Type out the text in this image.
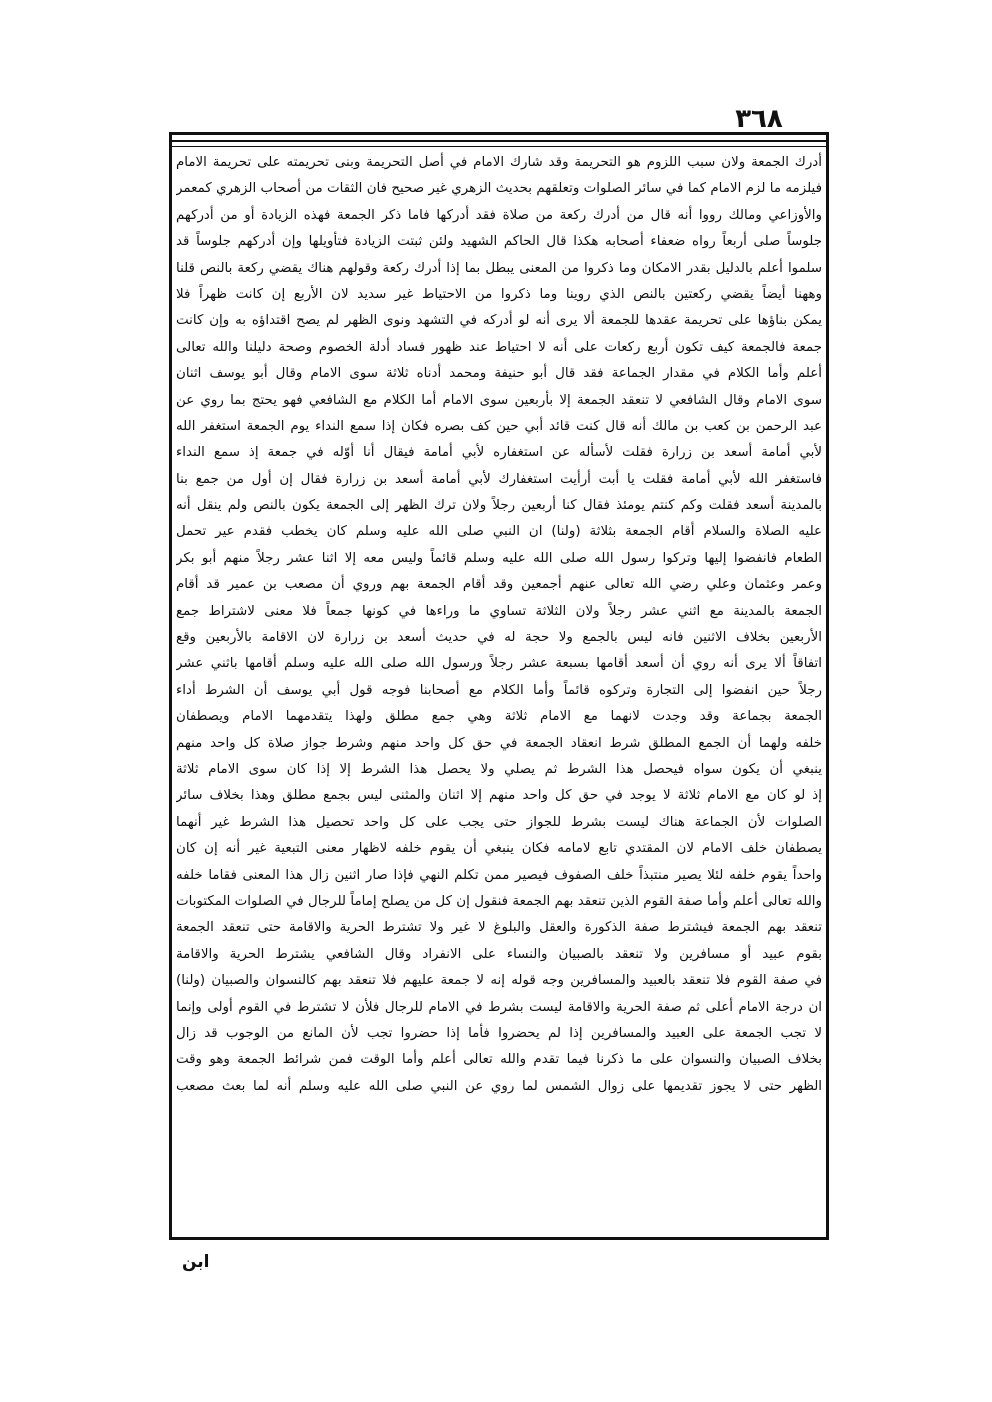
٣٦٨
أدرك الجمعة ولان سبب اللزوم هو التحريمة وقد شارك الامام في أصل التحريمة وبنى تحريمته على تحريمة الامام
فيلزمه ما لزم الامام كما في سائر الصلوات وتعلقهم بحديث الزهري غير صحيح فان الثقات من أصحاب الزهري كمعمر
والأوزاعي ومالك رووا أنه قال من أدرك ركعة من صلاة فقد أدركها فاما ذكر الجمعة فهذه الزيادة أو من أدركهم
جلوساً صلى أربعاً رواه ضعفاء أصحابه هكذا قال الحاكم الشهيد ولئن ثبتت الزيادة فتأويلها وإن أدركهم جلوساً قد
سلموا أعلم بالدليل بقدر الامكان وما ذكروا من المعنى يبطل بما إذا أدرك ركعة وقولهم هناك يقضي ركعة بالنص قلنا
وههنا أيضاً يقضي ركعتين بالنص الذي روينا وما ذكروا من الاحتياط غير سديد لان الأربع إن كانت ظهراً فلا
يمكن بناؤها على تحريمة عقدها للجمعة ألا يرى أنه لو أدركه في التشهد ونوى الظهر لم يصح اقتداؤه به وإن كانت
جمعة فالجمعة كيف تكون أربع ركعات على أنه لا احتياط عند ظهور فساد أدلة الخصوم وصحة دليلنا والله تعالى
أعلم وأما الكلام في مقدار الجماعة فقد قال أبو حنيفة ومحمد أدناه ثلاثة سوى الامام وقال أبو يوسف اثنان
سوى الامام وقال الشافعي لا تنعقد الجمعة إلا بأربعين سوى الامام أما الكلام مع الشافعي فهو يحتج بما روي عن
عبد الرحمن بن كعب بن مالك أنه قال كنت قائد أبي حين كف بصره فكان إذا سمع النداء يوم الجمعة استغفر الله
لأبي أمامة أسعد بن زرارة فقلت لأسأله عن استغفاره لأبي أمامة فيقال أنا أوّله في جمعة إذ سمع النداء
فاستغفر الله لأبي أمامة فقلت يا أبت أرأيت استغفارك لأبي أمامة أسعد بن زرارة فقال إن أول من جمع بنا
بالمدينة أسعد فقلت وكم كنتم يومئذ فقال كنا أربعين رجلاً ولان ترك الظهر إلى الجمعة يكون بالنص ولم ينقل أنه
عليه الصلاة والسلام أقام الجمعة بثلاثة (ولنا) ان النبي صلى الله عليه وسلم كان يخطب فقدم عير تحمل
الطعام فانفضوا إليها وتركوا رسول الله صلى الله عليه وسلم قائماً وليس معه إلا اثنا عشر رجلاً منهم أبو بكر
وعمر وعثمان وعلي رضي الله تعالى عنهم أجمعين وقد أقام الجمعة بهم وروي أن مصعب بن عمير قد أقام
الجمعة بالمدينة مع اثني عشر رجلاً ولان الثلاثة تساوي ما وراءها في كونها جمعاً فلا معنى لاشتراط جمع
الأربعين بخلاف الاثنين فانه ليس بالجمع ولا حجة له في حديث أسعد بن زرارة لان الاقامة بالأربعين وقع
اتفاقاً ألا يرى أنه روي أن أسعد أقامها بسبعة عشر رجلاً ورسول الله صلى الله عليه وسلم أقامها باثني عشر
رجلاً حين انفضوا إلى التجارة وتركوه قائماً وأما الكلام مع أصحابنا فوجه قول أبي يوسف أن الشرط أداء
الجمعة بجماعة وقد وجدت لانهما مع الامام ثلاثة وهي جمع مطلق ولهذا يتقدمهما الامام ويصطفان
خلفه ولهما أن الجمع المطلق شرط انعقاد الجمعة في حق كل واحد منهم وشرط جواز صلاة كل واحد منهم
ينبغي أن يكون سواه فيحصل هذا الشرط ثم يصلي ولا يحصل هذا الشرط إلا إذا كان سوى الامام ثلاثة
إذ لو كان مع الامام ثلاثة لا يوجد في حق كل واحد منهم إلا اثنان والمثنى ليس بجمع مطلق وهذا بخلاف سائر
الصلوات لأن الجماعة هناك ليست بشرط للجواز حتى يجب على كل واحد تحصيل هذا الشرط غير أنهما
يصطفان خلف الامام لان المقتدي تابع لامامه فكان ينبغي أن يقوم خلفه لاظهار معنى التبعية غير أنه إن كان
واحداً يقوم خلفه لئلا يصير منتبذاً خلف الصفوف فيصير ممن تكلم النهي فإذا صار اثنين زال هذا المعنى فقاما خلفه
والله تعالى أعلم وأما صفة القوم الذين تنعقد بهم الجمعة فنقول إن كل من يصلح إماماً للرجال في الصلوات المكتوبات
تنعقد بهم الجمعة فيشترط صفة الذكورة والعقل والبلوغ لا غير ولا تشترط الحرية والاقامة حتى تنعقد الجمعة
بقوم عبيد أو مسافرين ولا تنعقد بالصبيان والنساء على الانفراد وقال الشافعي يشترط الحرية والاقامة
في صفة القوم فلا تنعقد بالعبيد والمسافرين وجه قوله إنه لا جمعة عليهم فلا تنعقد بهم كالنسوان والصبيان (ولنا)
ان درجة الامام أعلى ثم صفة الحرية والاقامة ليست بشرط في الامام للرجال فلأن لا تشترط في القوم أولى وإنما
لا تجب الجمعة على العبيد والمسافرين إذا لم يحضروا فأما إذا حضروا تجب لأن المانع من الوجوب قد زال
بخلاف الصبيان والنسوان على ما ذكرنا فيما تقدم والله تعالى أعلم وأما الوقت فمن شرائط الجمعة وهو وقت
الظهر حتى لا يجوز تقديمها على زوال الشمس لما روي عن النبي صلى الله عليه وسلم أنه لما بعث مصعب
ابن
